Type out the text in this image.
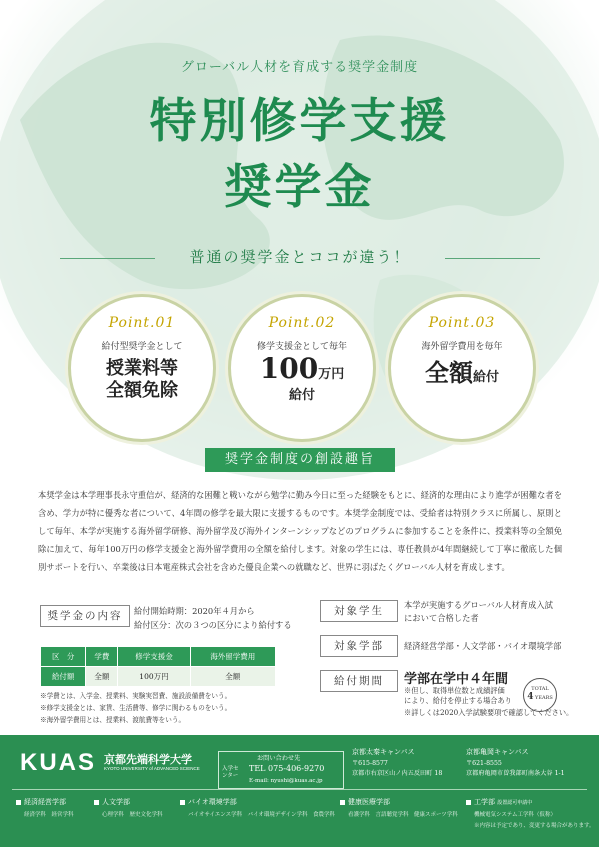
グローバル人材を育成する奨学金制度
特別修学支援
奨学金
普通の奨学金とココが違う！
Point.01
給付型奨学金として
授業料等
全額免除
Point.02
修学支援金として毎年
100万円
給付
Point.03
海外留学費用を毎年
全額給付
奨学金制度の創設趣旨
本奨学金は本学理事長永守重信が、経済的な困難と戦いながら勉学に勤み今日に至った経験をもとに、経済的な理由により進学が困難な者を含め、学力が特に優秀な者について、4年間の修学を最大限に支援するものです。本奨学金制度では、受給者は特別クラスに所属し、原則として毎年、本学が実施する海外留学研修、海外留学及び海外インターンシップなどのプログラムに参加することを条件に、授業料等の全額免除に加えて、毎年100万円の修学支援金と海外留学費用の全額を給付します。対象の学生には、専任教員が4年間継続して丁寧に徹底した個別サポートを行い、卒業後は日本電産株式会社を含めた優良企業への就職など、世界に羽ばたくグローバル人材を育成します。
奨学金の内容	給付開始時期：2020年４月から
給付区分：次の３つの区分により給付する
区　分	学費	修学支援金	海外留学費用
給付額	全額	100万円	全額
※学費とは、入学金、授業料、実験実習費、施設設備費をいう。
※修学支援金とは、家賃、生活費等、修学に関わるものをいう。
※海外留学費用とは、授業料、渡航費等をいう。
対象学生	本学が実施するグローバル人材育成入試
において合格した者
対象学部	経済経営学部・人文学部・バイオ環境学部
給付期間	学部在学中４年間
※但し、取得単位数と成績評価
により、給付を停止する場合あり
※詳しくは2020入学試験要項で確認してください。
TOTAL
4 YEARS
KUAS 京都先端科学大学
KYOTO UNIVERSITY of ADVANCED SCIENCE
お問い合わせ先
入学センター
TEL 075-406-9270
E-mail: nyushi@kuas.ac.jp
京都太秦キャンパス
〒615-8577
京都市右京区山ノ内五反田町 18
京都亀岡キャンパス
〒621-8555
京都府亀岡市曽我部町南条大谷 1-1
経済経営学部
経済学科　経営学科
人文学部
心理学科　歴史文化学科
バイオ環境学部
バイオサイエンス学科　バイオ環境デザイン学科　食農学科
健康医療学部
看護学科　言語聴覚学科　健康スポーツ学科
工学部 設置認可申請中
機械電気システム工学科（仮称）
※内容は予定であり、変更する場合があります。
